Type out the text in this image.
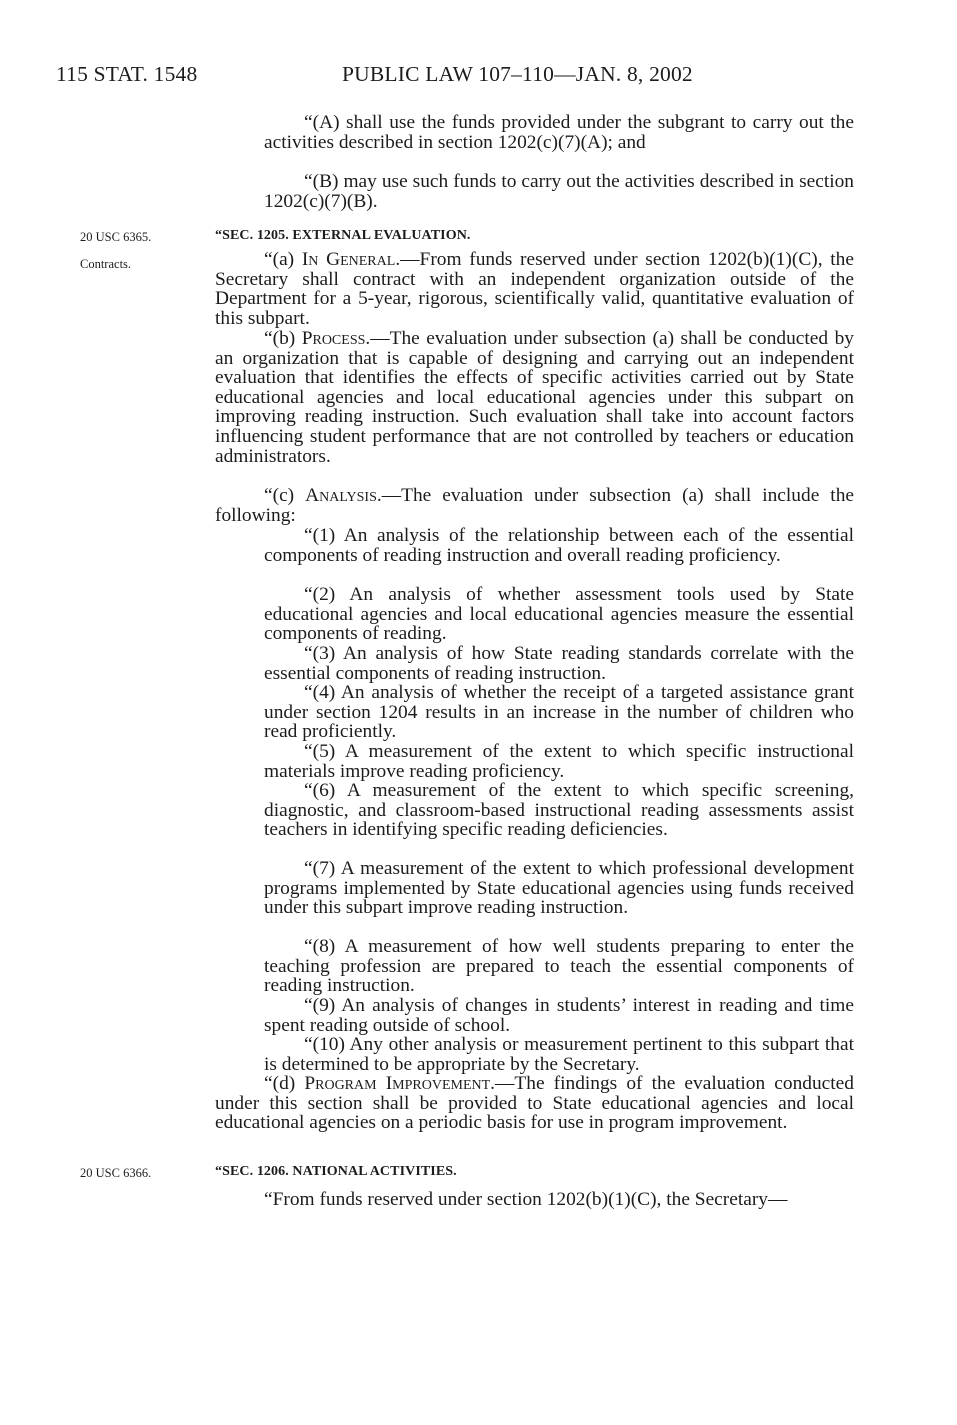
115 STAT. 1548	PUBLIC LAW 107–110—JAN. 8, 2002
“(A) shall use the funds provided under the subgrant to carry out the activities described in section 1202(c)(7)(A); and
“(B) may use such funds to carry out the activities described in section 1202(c)(7)(B).
20 USC 6365.	“SEC. 1205. EXTERNAL EVALUATION.
Contracts.	“(a) In General.—From funds reserved under section 1202(b)(1)(C), the Secretary shall contract with an independent organization outside of the Department for a 5-year, rigorous, scientifically valid, quantitative evaluation of this subpart.
“(b) Process.—The evaluation under subsection (a) shall be conducted by an organization that is capable of designing and carrying out an independent evaluation that identifies the effects of specific activities carried out by State educational agencies and local educational agencies under this subpart on improving reading instruction. Such evaluation shall take into account factors influencing student performance that are not controlled by teachers or education administrators.
“(c) Analysis.—The evaluation under subsection (a) shall include the following:
“(1) An analysis of the relationship between each of the essential components of reading instruction and overall reading proficiency.
“(2) An analysis of whether assessment tools used by State educational agencies and local educational agencies measure the essential components of reading.
“(3) An analysis of how State reading standards correlate with the essential components of reading instruction.
“(4) An analysis of whether the receipt of a targeted assistance grant under section 1204 results in an increase in the number of children who read proficiently.
“(5) A measurement of the extent to which specific instructional materials improve reading proficiency.
“(6) A measurement of the extent to which specific screening, diagnostic, and classroom-based instructional reading assessments assist teachers in identifying specific reading deficiencies.
“(7) A measurement of the extent to which professional development programs implemented by State educational agencies using funds received under this subpart improve reading instruction.
“(8) A measurement of how well students preparing to enter the teaching profession are prepared to teach the essential components of reading instruction.
“(9) An analysis of changes in students’ interest in reading and time spent reading outside of school.
“(10) Any other analysis or measurement pertinent to this subpart that is determined to be appropriate by the Secretary.
“(d) Program Improvement.—The findings of the evaluation conducted under this section shall be provided to State educational agencies and local educational agencies on a periodic basis for use in program improvement.
20 USC 6366.	“SEC. 1206. NATIONAL ACTIVITIES.
“From funds reserved under section 1202(b)(1)(C), the Secretary—
